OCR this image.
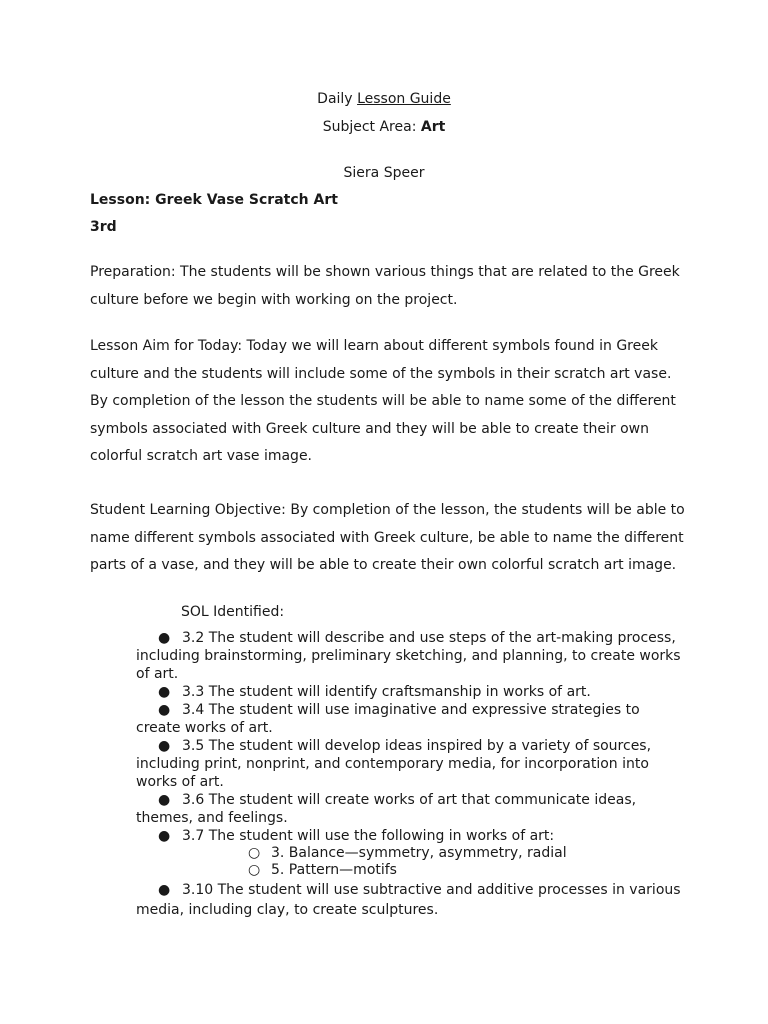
Daily Lesson Guide
Subject Area: Art
Siera Speer
Lesson: Greek Vase Scratch Art
3rd
Preparation: The students will be shown various things that are related to the Greek
culture before we begin with working on the project.
Lesson Aim for Today: Today we will learn about different symbols found in Greek
culture and the students will include some of the symbols in their scratch art vase.
By completion of the lesson the students will be able to name some of the different
symbols associated with Greek culture and they will be able to create their own
colorful scratch art vase image.
Student Learning Objective: By completion of the lesson, the students will be able to
name different symbols associated with Greek culture, be able to name the different
parts of a vase, and they will be able to create their own colorful scratch art image.
SOL Identified:
● 3.2 The student will describe and use steps of the art-making process,
including brainstorming, preliminary sketching, and planning, to create works
of art.
● 3.3 The student will identify craftsmanship in works of art.
● 3.4 The student will use imaginative and expressive strategies to
create works of art.
● 3.5 The student will develop ideas inspired by a variety of sources,
including print, nonprint, and contemporary media, for incorporation into
works of art.
● 3.6 The student will create works of art that communicate ideas,
themes, and feelings.
● 3.7 The student will use the following in works of art:
○ 3. Balance—symmetry, asymmetry, radial
○ 5. Pattern—motifs
● 3.10 The student will use subtractive and additive processes in various
media, including clay, to create sculptures.
